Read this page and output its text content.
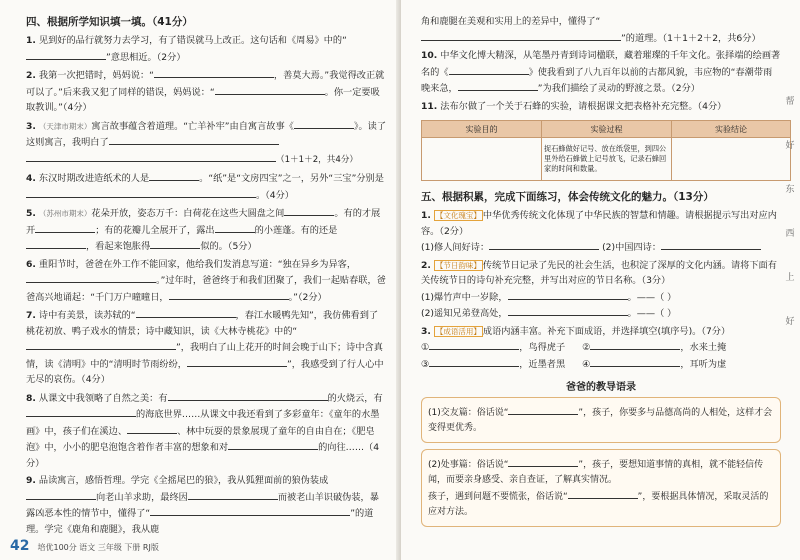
四、根据所学知识填一填。（41分）
1. 见到好的品行就努力去学习，有了错误就马上改正。这句话和《周易》中的“”意思相近。（2分）
2. 我第一次把错时，妈妈说：“	，善莫大焉。”我觉得改正就可以了。”后来我又犯了同样的错误，妈妈说：“	。你一定要吸取教训。”（4分）
3. （天津市期末）寓言故事蕴含着道理。“亡羊补牢”由自寓言故事《	》。读了这则寓言，我明白了
（1＋1＋2，共4分）
4. 东汉时期改进造纸术的人是	。“纸”是“文房四宝”之一，另外“三宝”分别是。（4分）
5. （苏州市期末）花朵开放，姿态万千：白荷花在这些大圆盘之间	。有的才展开	；有的花瓣儿全展开了，露出	的小莲蓬。有的还是，看起来饱胀得	似的。（5分）
6. 重阳节时，爸爸在外工作不能回家，他给我们发消息写道：“独在异乡为异客，。”过年时，爸爸终于和我们团聚了，我们一起贴春联，爸爸高兴地诵起：“千门万户曈曈日，	。”（2分）
7. 诗中有美景，读苏轼的“	，春江水暖鸭先知”，我仿佛看到了桃花初放、鸭子戏水的情景；诗中藏知识，读《大林寺桃花》中的“”，我明白了山上花开的时间会晚于山下；诗中含真情，读《清明》中的“清明时节雨纷纷，	”，我感受到了行人心中无尽的哀伤。（4分）
8. 从课文中我领略了自然之美：有	的火烧云，有的海底世界……从课文中我还看到了多彩童年：《童年的水墨画》中，孩子们在溪边、	、林中玩耍的景象展现了童年的自由自在；《肥皂泡》中，小小的肥皂泡饱含着作者丰富的想象和对	的向往……（4分）
9. 品读寓言，感悟哲理。学完《全摇尾巴的狼》，我从狐狸面前的狼伪装成向老山羊求助，最终因	而被老山羊识破伪装，暴露凶恶本性的情节中，懂得了“	”的道理。学完《鹿角和鹿腿》，我从鹿
42 培优100分 语文 三年级 下册 RJ版
角和鹿腿在美观和实用上的差异中，懂得了“
”的道理。（1＋1＋2＋2，共6分）
10. 中华文化博大精深，从笔墨丹青到诗词楹联，藏着璀璨的千年文化。张择端的绘画著名的《	》使我看到了八九百年以前的古都风貌，韦应物的“春潮带雨晚来急，	”为我们描绘了灵动的野渡之景。（2分）
11. 法布尔做了一个关于石蜂的实验，请根据课文把表格补充完整。（4分）
实验目的	实验过程	实验结论
	捉石蜂做好记号、放在纸袋里，到四公里外给石蜂做上记号放飞，记录石蜂回家的时间和数量。	
五、根据积累，完成下面练习，体会传统文化的魅力。（13分）
1. 【文化瑰宝】 中华优秀传统文化体现了中华民族的智慧和情趣。请根据提示写出对应内容。（2分）
(1)修人间好诗：	(2)中国四诗：
2. 【节日韵味】 传统节日记录了先民的社会生活，也积淀了深厚的文化内涵。请将下面有关传统节日的诗句补充完整，并写出对应的节日名称。（3分）
(1)爆竹声中一岁除，	。——（ ）
(2)遥知兄弟登高处，	。——（ ）
3. 【成语活用】 成语内涵丰富。补充下面成语，并选择填空(填序号)。（7分）
①	，鸟得虎子 ②	，水来土掩
③	，近墨者黑 ④	，耳听为虚
爸爸的教导语录
(1)交友篇：俗话说“	”，孩子，你要多与品德高尚的人相处，这样才会变得更优秀。
(2)处事篇：俗话说“	”，孩子，要想知道事情的真相，就不能轻信传闻，而要亲身感受、亲自查证，了解真实情况。
孩子，遇到问题不要慌张，俗话说“	”，要根据具体情况，采取灵活的应对方法。
帮
好
东
西
上
好
